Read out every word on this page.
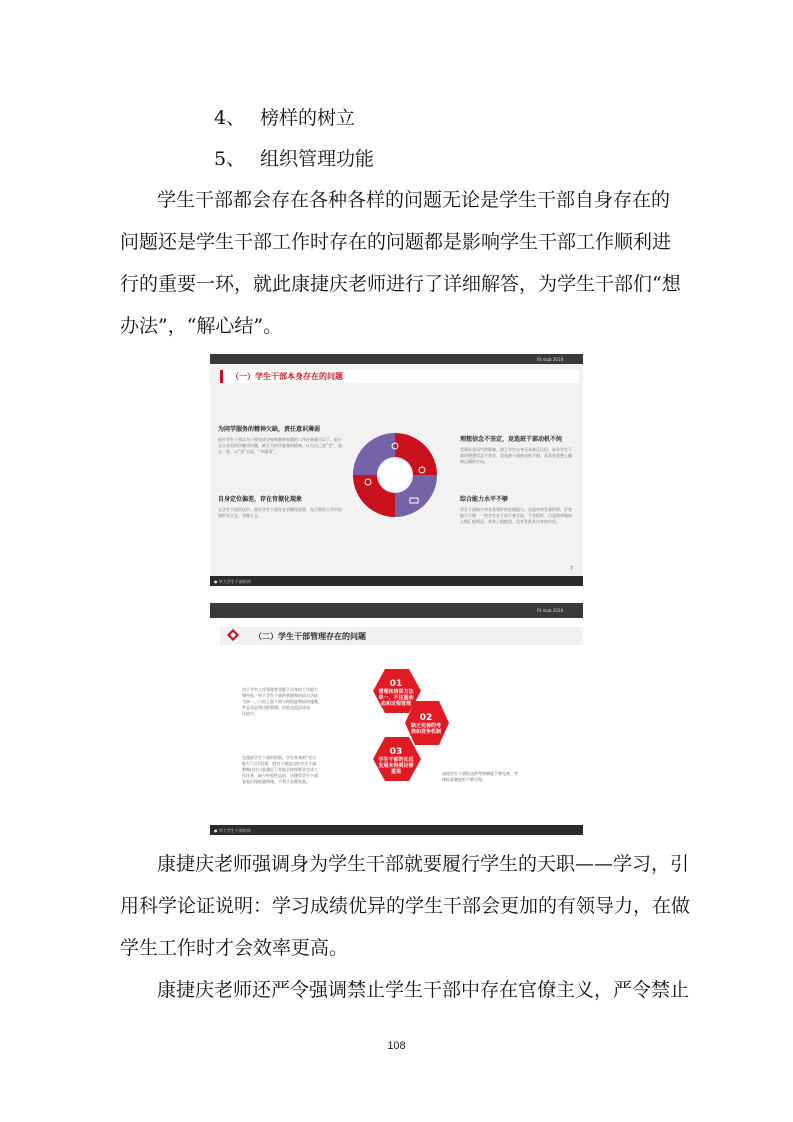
4、 榜样的树立
5、 组织管理功能
学生干部都会存在各种各样的问题无论是学生干部自身存在的
问题还是学生干部工作时存在的问题都是影响学生干部工作顺利进
行的重要一环，就此康捷庆老师进行了详细解答，为学生干部们“想
办法”，“解心结”。
Fit stub 2018
（一）学生干部本身存在的问题
为同学服务的精神欠缺，责任意识薄弱
很多学生干部认为只要完成学校和教师布置的工作任务就可以了，很少去主动为同学解决问题，缺乏为同学服务的精神。认为自己是“官”，高人一等，以“官”自居，“多做事”。
理想信念不坚定，竞选班干部动机不纯
受到社会风气的影响，加之学生自身还未真正认识，部分学生干部的理想信念不坚定，竞选班干部的动机不纯，从而在思想上偏离正确的方向。
自身定位偏差，存在官僚化现象
在学生干部队伍中，部分学生干部存在官僚化现象，在日常的工作中出现形式主义，官僚主义。
综合能力水平不够
学生干部缺少对各类事件的处理能力，在面对突发事件时，应变能力不够，一些学生在干部不善言谈，不会组织，只是简单地向上级汇报情况，带来上级抱怨，没有发挥其自身的作用。
7
● 华大学生干部培训
Fit stub 2018
（二）学生干部管理存在的问题
由于学生工作管理者受限于自身的工作能力
和经验，对于学生干部的管理和培训方法较
为单一，只局上面不到与时俱进和因材施教。
并且动态和过程管理、经验交流活动也
比较少。
在选拔学生干部的时候，学生本身的“先天
能力”占比很重，很对于遴选出的学生干部，
教师往往只是满足于其能否按照要求完成工
作任务，缺少经验性总结，这便得学生干部
容易出现疲惫情绪，不利于长期发展。
高校学生干部队伍的考核制度不够完善，考
核标准制度的不够合理。
01
管理和培训方法单一、不注重动态和过程管理
02
缺乏完善的考核和竞争机制
03
学生干部的长远发展未得到足够重视
● 华大学生干部培训
康捷庆老师强调身为学生干部就要履行学生的天职——学习，引
用科学论证说明：学习成绩优异的学生干部会更加的有领导力，在做
学生工作时才会效率更高。
康捷庆老师还严令强调禁止学生干部中存在官僚主义，严令禁止
108
